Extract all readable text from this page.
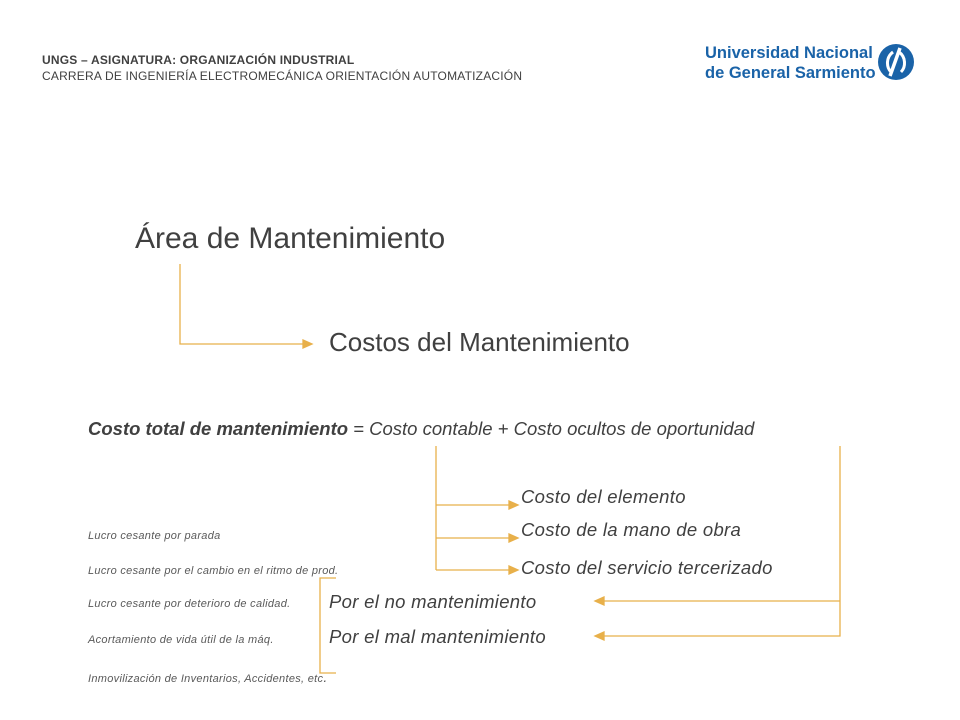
UNGS – ASIGNATURA: ORGANIZACIÓN INDUSTRIAL
CARRERA DE INGENIERÍA ELECTROMECÁNICA ORIENTACIÓN AUTOMATIZACIÓN
Universidad Nacional
de General Sarmiento
Área de Mantenimiento
Costos del Mantenimiento
Costo total de mantenimiento = Costo contable + Costo ocultos de oportunidad
Costo del elemento
Costo de la mano de obra
Costo del servicio tercerizado
Por el no mantenimiento
Por el mal mantenimiento
Lucro cesante por parada
Lucro cesante por el cambio en el ritmo de prod.
Lucro cesante por deterioro de calidad.
Acortamiento de vida útil de la máq.
Inmovilización de Inventarios, Accidentes, etc.
